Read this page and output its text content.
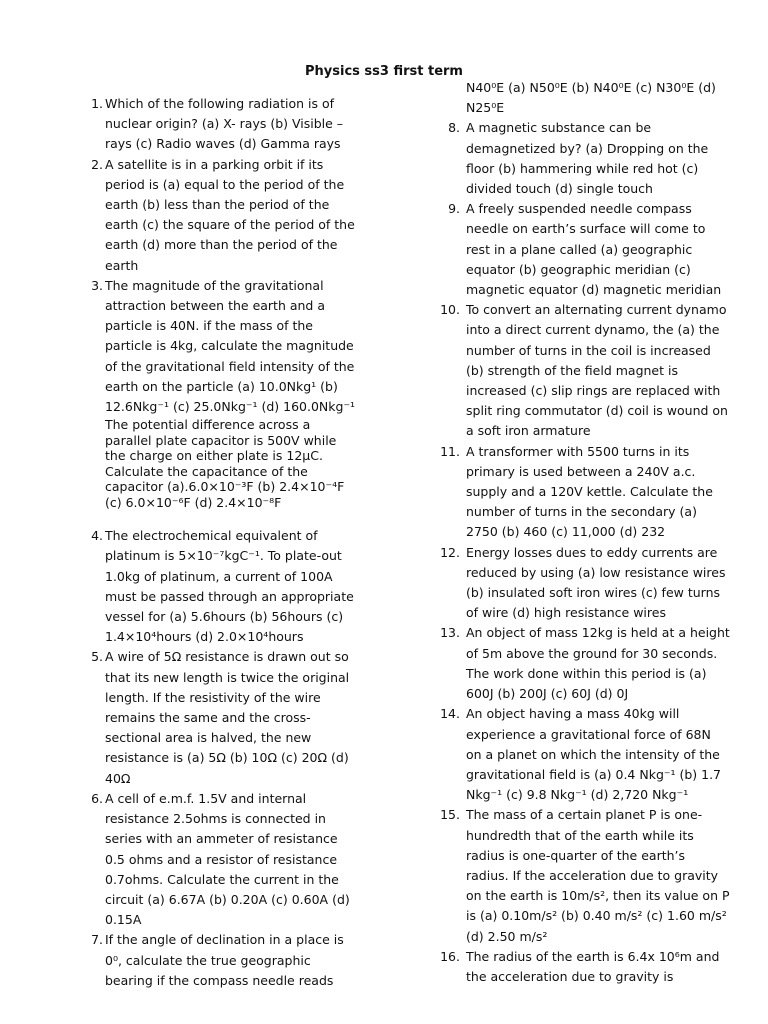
Physics ss3 first term
1 . Which of the following radiation is of nuclear origin? (a) X- rays (b) Visible – rays (c) Radio waves (d) Gamma rays
2 . A satellite is in a parking orbit if its period is (a) equal to the period of the earth (b) less than the period of the earth (c) the square of the period of the earth (d) more than the period of the earth
3 . The magnitude of the gravitational attraction between the earth and a particle is 40N. if the mass of the particle is 4kg, calculate the magnitude of the gravitational field intensity of the earth on the particle (a) 10.0Nkg¹ (b) 12.6Nkg⁻¹ (c) 25.0Nkg⁻¹ (d) 160.0Nkg⁻¹
The potential difference across a parallel plate capacitor is 500V while the charge on either plate is 12μC. Calculate the capacitance of the capacitor (a).6.0×10⁻³F (b) 2.4×10⁻⁴F (c) 6.0×10⁻⁶F (d) 2.4×10⁻⁸F
4 . The electrochemical equivalent of platinum is 5×10⁻⁷kgC⁻¹. To plate-out 1.0kg of platinum, a current of 100A must be passed through an appropriate vessel for (a) 5.6hours (b) 56hours (c) 1.4×10⁴hours (d) 2.0×10⁴hours
5 . A wire of 5Ω resistance is drawn out so that its new length is twice the original length. If the resistivity of the wire remains the same and the cross-sectional area is halved, the new resistance is (a) 5Ω (b) 10Ω (c) 20Ω (d) 40Ω
6 . A cell of e.m.f. 1.5V and internal resistance 2.5ohms is connected in series with an ammeter of resistance 0.5 ohms and a resistor of resistance 0.7ohms. Calculate the current in the circuit (a) 6.67A (b) 0.20A (c) 0.60A (d) 0.15A
7 . If the angle of declination in a place is 0⁰, calculate the true geographic bearing if the compass needle reads
N40⁰E (a) N50⁰E (b) N40⁰E (c) N30⁰E (d) N25⁰E
8 . A magnetic substance can be demagnetized by? (a) Dropping on the floor (b) hammering while red hot (c) divided touch (d) single touch
9 . A freely suspended needle compass needle on earth’s surface will come to rest in a plane called (a) geographic equator (b) geographic meridian (c) magnetic equator (d) magnetic meridian
10 . To convert an alternating current dynamo into a direct current dynamo, the (a) the number of turns in the coil is increased (b) strength of the field magnet is increased (c) slip rings are replaced with split ring commutator (d) coil is wound on a soft iron armature
11 . A transformer with 5500 turns in its primary is used between a 240V a.c. supply and a 120V kettle. Calculate the number of turns in the secondary (a) 2750 (b) 460 (c) 11,000 (d) 232
12 . Energy losses dues to eddy currents are reduced by using (a) low resistance wires (b) insulated soft iron wires (c) few turns of wire (d) high resistance wires
13 . An object of mass 12kg is held at a height of 5m above the ground for 30 seconds. The work done within this period is (a) 600J (b) 200J (c) 60J (d) 0J
14 . An object having a mass 40kg will experience a gravitational force of 68N on a planet on which the intensity of the gravitational field is (a) 0.4 Nkg⁻¹ (b) 1.7 Nkg⁻¹ (c) 9.8 Nkg⁻¹ (d) 2,720 Nkg⁻¹
15 . The mass of a certain planet P is one-hundredth that of the earth while its radius is one-quarter of the earth’s radius. If the acceleration due to gravity on the earth is 10m/s², then its value on P is (a) 0.10m/s² (b) 0.40 m/s² (c) 1.60 m/s² (d) 2.50 m/s²
16 . The radius of the earth is 6.4x 10⁶m and the acceleration due to gravity is
